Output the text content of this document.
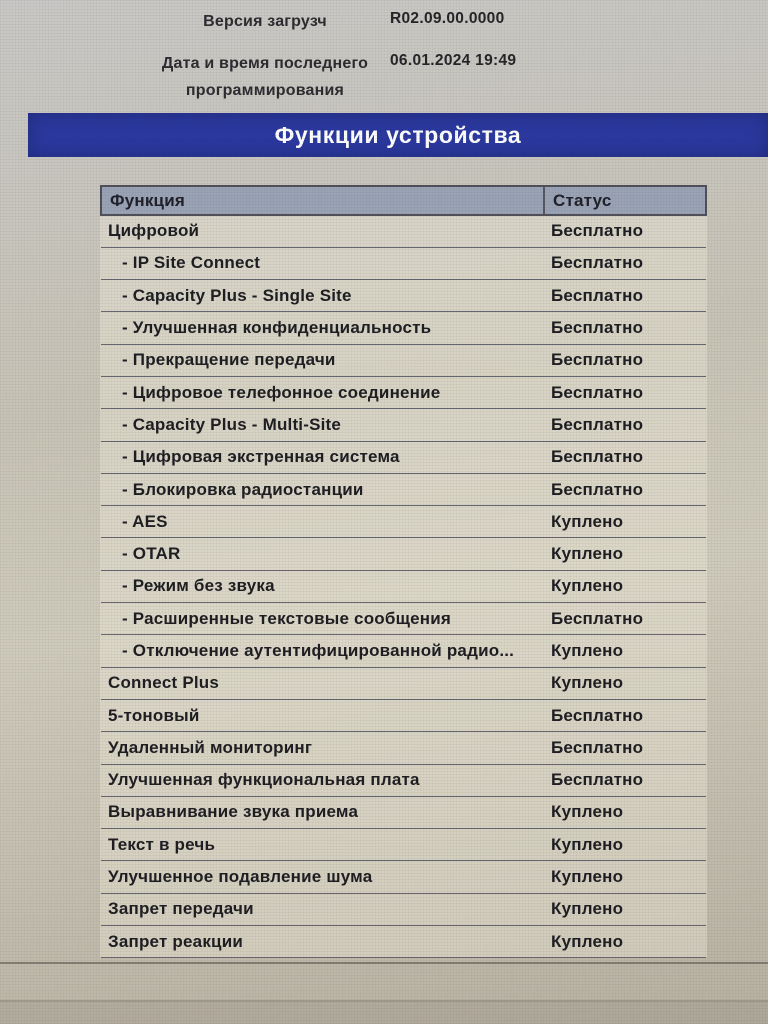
Версия загрузч	R02.09.00.0000
Дата и время последнего программирования
06.01.2024 19:49
Функции устройства
Функция	Статус
Цифровой	Бесплатно
- IP Site Connect	Бесплатно
- Capacity Plus - Single Site	Бесплатно
- Улучшенная конфиденциальность	Бесплатно
- Прекращение передачи	Бесплатно
- Цифровое телефонное соединение	Бесплатно
- Capacity Plus - Multi-Site	Бесплатно
- Цифровая экстренная система	Бесплатно
- Блокировка радиостанции	Бесплатно
- AES	Куплено
- OTAR	Куплено
- Режим без звука	Куплено
- Расширенные текстовые сообщения	Бесплатно
- Отключение аутентифицированной радио...	Куплено
Connect Plus	Куплено
5-тоновый	Бесплатно
Удаленный мониторинг	Бесплатно
Улучшенная функциональная плата	Бесплатно
Выравнивание звука приема	Куплено
Текст в речь	Куплено
Улучшенное подавление шума	Куплено
Запрет передачи	Куплено
Запрет реакции	Куплено
